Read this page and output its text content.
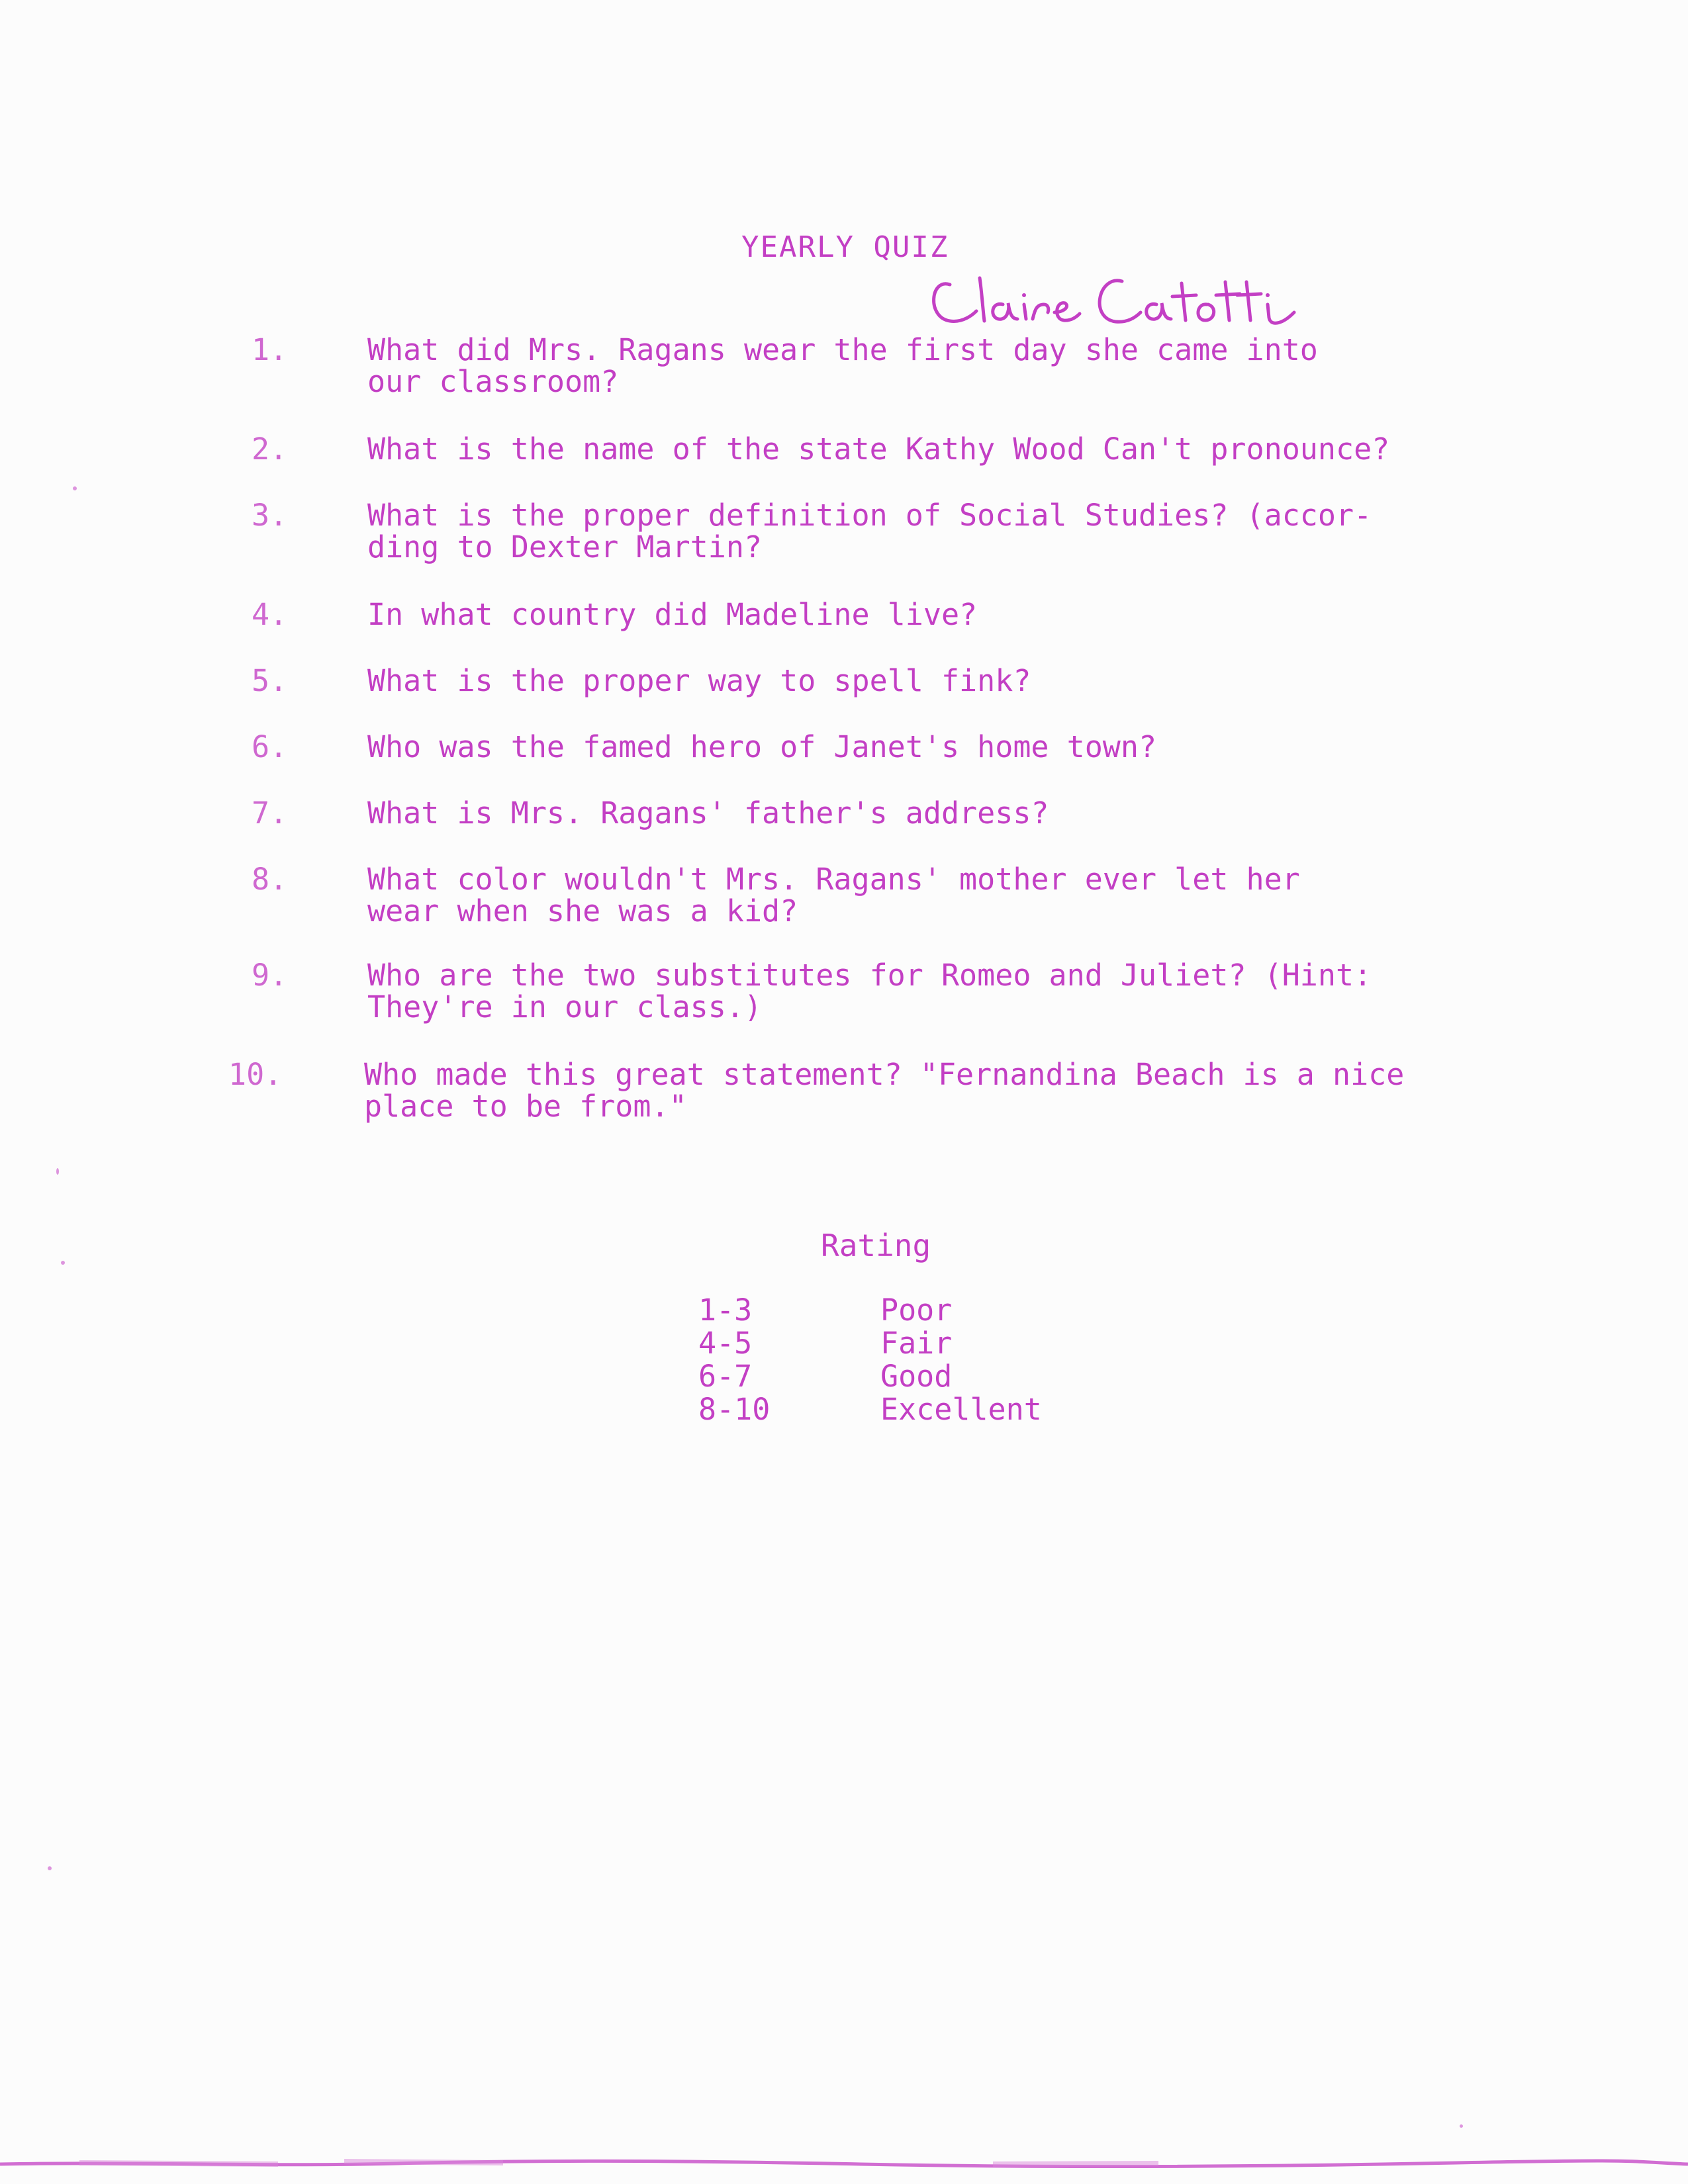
YEARLY QUIZ
1.	What did Mrs. Ragans wear the first day she came into
our classroom?
2.	What is the name of the state Kathy Wood Can't pronounce?
3.	What is the proper definition of Social Studies? (accor-
ding to Dexter Martin?
4.	In what country did Madeline live?
5.	What is the proper way to spell fink?
6.	Who was the famed hero of Janet's home town?
7.	What is Mrs. Ragans' father's address?
8.	What color wouldn't Mrs. Ragans' mother ever let her
wear when she was a kid?
9.	Who are the two substitutes for Romeo and Juliet? (Hint:
They're in our class.)
10.	Who made this great statement? "Fernandina Beach is a nice
place to be from."
Rating
1-3	Poor
4-5	Fair
6-7	Good
8-10	Excellent
